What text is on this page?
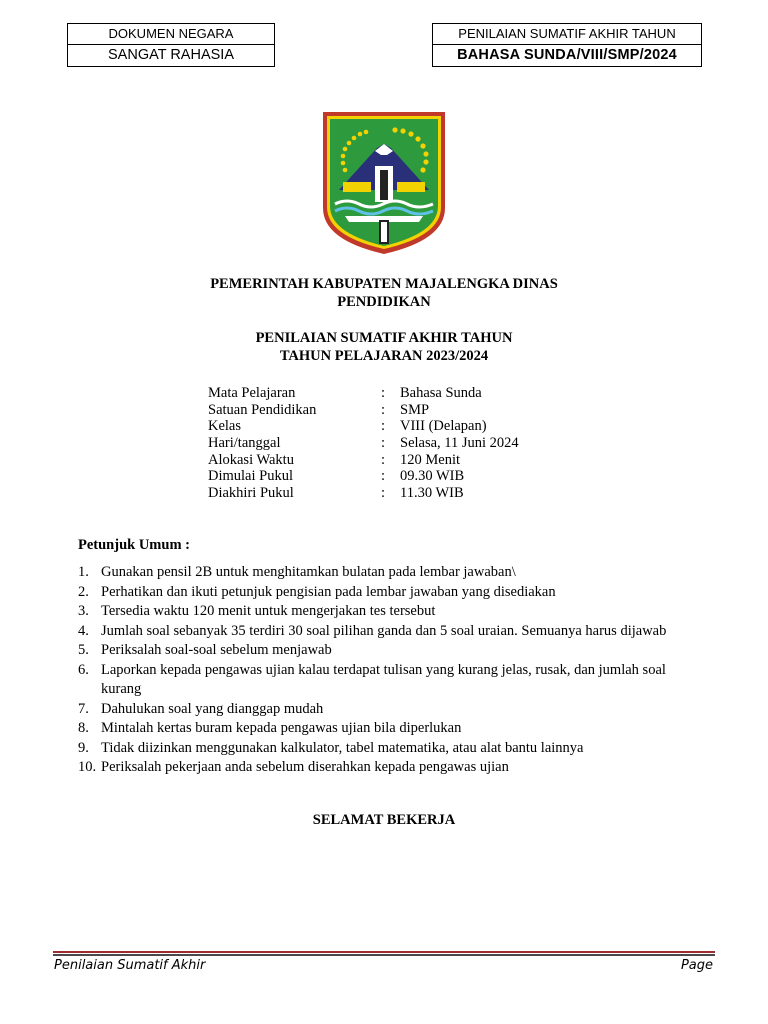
DOKUMEN NEGARA
SANGAT RAHASIA
PENILAIAN SUMATIF AKHIR TAHUN
BAHASA SUNDA/VIII/SMP/2024
PEMERINTAH KABUPATEN MAJALENGKA DINAS
PENDIDIKAN
PENILAIAN SUMATIF AKHIR TAHUN
TAHUN PELAJARAN 2023/2024
Mata Pelajaran	: Bahasa Sunda
Satuan Pendidikan	: SMP
Kelas	: VIII (Delapan)
Hari/tanggal	: Selasa, 11 Juni 2024
Alokasi Waktu	: 120 Menit
Dimulai Pukul	: 09.30 WIB
Diakhiri Pukul	: 11.30 WIB
Petunjuk Umum :
1. Gunakan pensil 2B untuk menghitamkan bulatan pada lembar jawaban\
2. Perhatikan dan ikuti petunjuk pengisian pada lembar jawaban yang disediakan
3. Tersedia waktu 120 menit untuk mengerjakan tes tersebut
4. Jumlah soal sebanyak 35 terdiri 30 soal pilihan ganda dan 5 soal uraian. Semuanya harus dijawab
5. Periksalah soal-soal sebelum menjawab
6. Laporkan kepada pengawas ujian kalau terdapat tulisan yang kurang jelas, rusak, dan jumlah soal kurang
7. Dahulukan soal yang dianggap mudah
8. Mintalah kertas buram kepada pengawas ujian bila diperlukan
9. Tidak diizinkan menggunakan kalkulator, tabel matematika, atau alat bantu lainnya
10. Periksalah pekerjaan anda sebelum diserahkan kepada pengawas ujian
SELAMAT BEKERJA
Penilaian Sumatif Akhir	Page
